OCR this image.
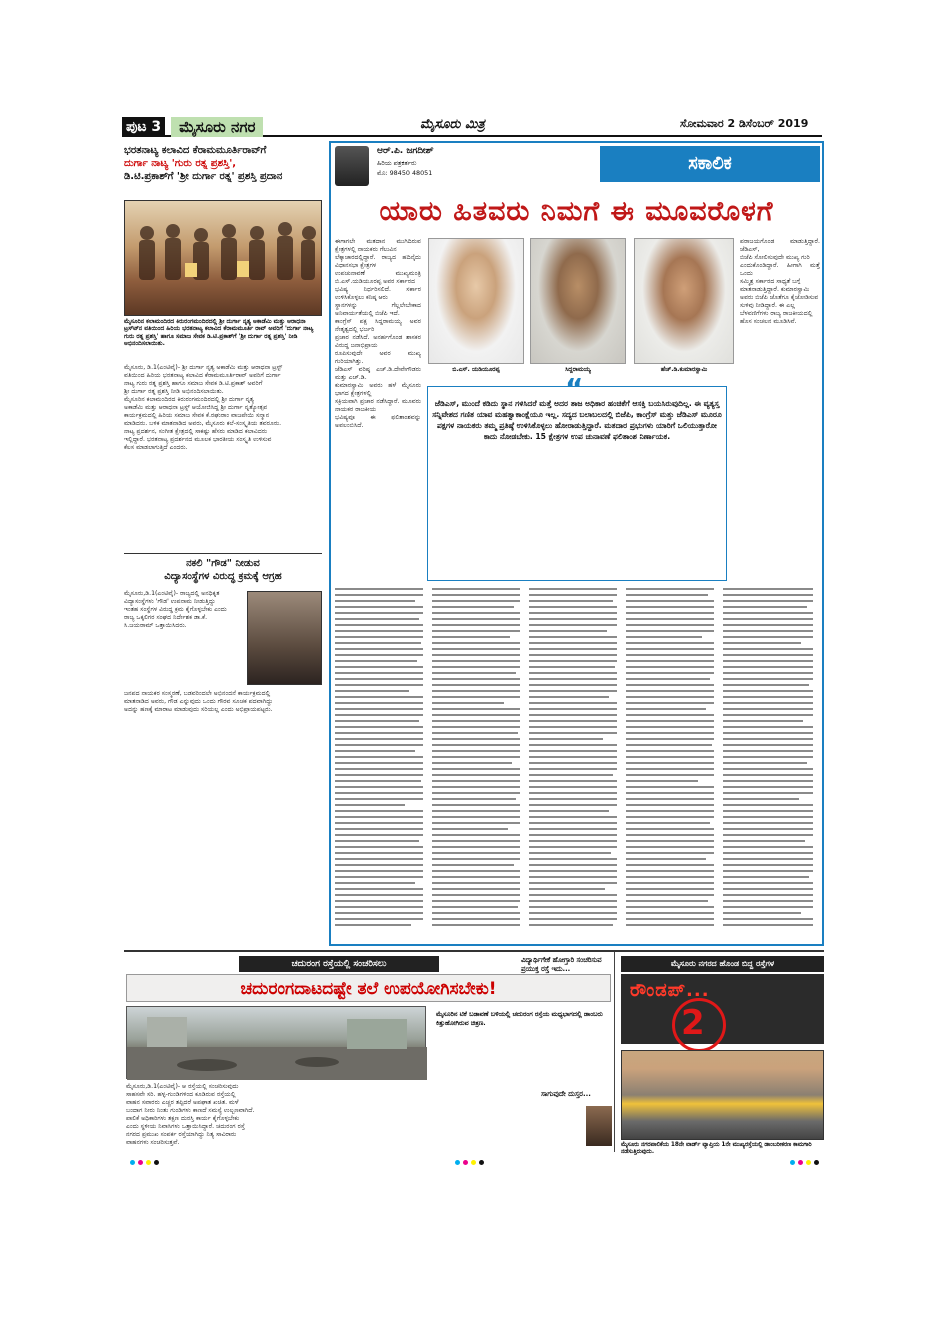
ಪುಟ 3	ಮೈಸೂರು ನಗರ	ಮೈಸೂರು ಮಿತ್ರ	ಸೋಮವಾರ 2 ಡಿಸೆಂಬರ್ 2019
ಭರತನಾಟ್ಯ ಕಲಾವಿದ ಕೆರಾಮಮೂರ್ತಿರಾವ್‍ಗೆ
ದುರ್ಗಾ ನಾಟ್ಯ 'ಗುರು ರತ್ನ ಪ್ರಶಸ್ತಿ',
ಡಿ.ಟಿ.ಪ್ರಕಾಶ್‍ಗೆ 'ಶ್ರೀ ದುರ್ಗಾ ರತ್ನ' ಪ್ರಶಸ್ತಿ ಪ್ರದಾನ
ಮೈಸೂರಿನ ಕಲಾಮಂದಿರದ ಕಿರುರಂಗಮಂದಿರದಲ್ಲಿ ಶ್ರೀ ದುರ್ಗಾ ನೃತ್ಯ ಅಕಾಡೆಮಿ ಮತ್ತು ಆರಾಧನಾ ಟ್ರಸ್ಟ್‍ನ ವತಿಯಿಂದ ಹಿರಿಯ ಭರತನಾಟ್ಯ ಕಲಾವಿದ ಕೆರಾಮಮೂರ್ತಿ ರಾವ್ ಅವರಿಗೆ 'ದುರ್ಗಾ ನಾಟ್ಯ ಗುರು ರತ್ನ ಪ್ರಶಸ್ತಿ' ಹಾಗೂ ಸಮಾಜ ಸೇವಕ ಡಿ.ಟಿ.ಪ್ರಕಾಶ್‍ಗೆ 'ಶ್ರೀ ದುರ್ಗಾ ರತ್ನ ಪ್ರಶಸ್ತಿ' ನೀಡಿ ಅಭಿನಂದಿಸಲಾಯಿತು.
ಮೈಸೂರು, ಡಿ.1(ಎಂಟಿವೈ)- ಶ್ರೀ ದುರ್ಗಾ ನೃತ್ಯ ಅಕಾಡೆಮಿ ಮತ್ತು ಆರಾಧನಾ ಟ್ರಸ್ಟ್
ವತಿಯಿಂದ ಹಿರಿಯ ಭರತನಾಟ್ಯ ಕಲಾವಿದ ಕೆರಾಮಮೂರ್ತಿರಾವ್ ಅವರಿಗೆ ದುರ್ಗಾ
ನಾಟ್ಯ ಗುರು ರತ್ನ ಪ್ರಶಸ್ತಿ ಹಾಗೂ ಸಮಾಜ ಸೇವಕ ಡಿ.ಟಿ.ಪ್ರಕಾಶ್ ಅವರಿಗೆ
ಶ್ರೀ ದುರ್ಗಾ ರತ್ನ ಪ್ರಶಸ್ತಿ ನೀಡಿ ಅಭಿನಂದಿಸಲಾಯಿತು.
ಮೈಸೂರಿನ ಕಲಾಮಂದಿರದ ಕಿರುರಂಗಮಂದಿರದಲ್ಲಿ ಶ್ರೀ ದುರ್ಗಾ ನೃತ್ಯ
ಅಕಾಡೆಮಿ ಮತ್ತು ಆರಾಧನಾ ಟ್ರಸ್ಟ್ ಆಯೋಜಿಸಿದ್ದ ಶ್ರೀ ದುರ್ಗಾ ನೃತ್ಯೋತ್ಸವ
ಕಾರ್ಯಕ್ರಮದಲ್ಲಿ ಹಿರಿಯ ಸಮಾಜ ಸೇವಕ ಕೆ.ರಘುರಾಂ ವಾಜಪೇಯಿ ಸನ್ಮಾನ
ಮಾಡಿದರು. ಬಳಿಕ ಮಾತನಾಡಿದ ಅವರು, ಮೈಸೂರು ಕಲೆ-ಸಂಸ್ಕೃತಿಯ ತವರೂರು.
ನಾಟ್ಯ ಪ್ರದರ್ಶನ, ಸಂಗೀತ ಕ್ಷೇತ್ರದಲ್ಲಿ ಸಾಕಷ್ಟು ಹೆಸರು ಮಾಡಿದ ಕಲಾವಿದರು
ಇಲ್ಲಿದ್ದಾರೆ. ಭರತನಾಟ್ಯ ಪ್ರದರ್ಶನದ ಮೂಲಕ ಭಾರತೀಯ ಸಂಸ್ಕೃತಿ ಉಳಿಸುವ
ಕೆಲಸ ಮಾಡಲಾಗುತ್ತಿದೆ ಎಂದರು.
ನಕಲಿ "ಗೌಡ" ನೀಡುವ
ವಿದ್ಯಾಸಂಸ್ಥೆಗಳ ವಿರುದ್ಧ ಕ್ರಮಕ್ಕೆ ಆಗ್ರಹ
ಮೈಸೂರು,ಡಿ.1(ಎಂಟಿವೈ)- ರಾಜ್ಯದಲ್ಲಿ ಅನಧಿಕೃತ
ವಿದ್ಯಾಸಂಸ್ಥೆಗಳು 'ಗೌಡ' ಉಪನಾಮ ನೀಡುತ್ತಿದ್ದು
ಇಂತಹ ಸಂಸ್ಥೆಗಳ ವಿರುದ್ಧ ಕ್ರಮ ಕೈಗೊಳ್ಳಬೇಕು ಎಂದು
ರಾಜ್ಯ ಒಕ್ಕಲಿಗರ ಸಂಘದ ನಿರ್ದೇಶಕ ಡಾ.ಕೆ.
ಸಿ.ಜಯರಾಮ್ ಒತ್ತಾಯಿಸಿದರು.
ಜನಪದ ನಾಯಕರ ಸಂಸ್ಮರಣೆ, ಬಡವರಿಂದಲೇ ಅಭಿನಂದನೆ ಕಾರ್ಯಕ್ರಮದಲ್ಲಿ
ಮಾತನಾಡಿದ ಅವರು, ಗೌಡ ಎನ್ನುವುದು ಒಂದು ಗೌರವ ಸೂಚಕ ಪದವಾಗಿದ್ದು
ಅದನ್ನು ಹಣಕ್ಕೆ ಮಾರಾಟ ಮಾಡುವುದು ಸರಿಯಲ್ಲ ಎಂದು ಅಭಿಪ್ರಾಯಪಟ್ಟರು.
ಆರ್.ಪಿ. ಜಗದೀಶ್
ಹಿರಿಯ ಪತ್ರಕರ್ತರು
ಮೊ: 98450 48051	ಸಕಾಲಿಕ
ಯಾರು ಹಿತವರು ನಿಮಗೆ ಈ ಮೂವರೊಳಗೆ
ಬಿ.ಎಸ್. ಯಡಿಯೂರಪ್ಪ	ಸಿದ್ದರಾಮಯ್ಯ	ಹೆಚ್.ಡಿ.ಕುಮಾರಸ್ವಾಮಿ
ಈಗಾಗಲೇ ಮತದಾನ ಮುಗಿದಿರುವ ಕ್ಷೇತ್ರಗಳಲ್ಲಿ ನಾಯಕರು ಗೆಲುವಿನ
ಲೆಕ್ಕಾಚಾರದಲ್ಲಿದ್ದಾರೆ. ರಾಜ್ಯದ ಹದಿನೈದು ವಿಧಾನಸಭಾ ಕ್ಷೇತ್ರಗಳ
ಉಪಚುನಾವಣೆ ಮುಖ್ಯಮಂತ್ರಿ ಬಿ.ಎಸ್.ಯಡಿಯೂರಪ್ಪ ಅವರ ಸರ್ಕಾರದ
ಭವಿಷ್ಯ ನಿರ್ಧರಿಸಲಿದೆ. ಸರ್ಕಾರ ಉಳಿಸಿಕೊಳ್ಳಲು ಕನಿಷ್ಠ ಆರು
ಸ್ಥಾನಗಳನ್ನು ಗೆಲ್ಲಲೇಬೇಕಾದ ಅನಿವಾರ್ಯತೆಯಲ್ಲಿ ಬಿಜೆಪಿ ಇದೆ.
ಕಾಂಗ್ರೆಸ್ ಪಕ್ಷ ಸಿದ್ದರಾಮಯ್ಯ ಅವರ ನೇತೃತ್ವದಲ್ಲಿ ಭರ್ಜರಿ
ಪ್ರಚಾರ ನಡೆಸಿದೆ. ಅನರ್ಹಗೊಂಡ ಶಾಸಕರ ವಿರುದ್ಧ ಜನಾಭಿಪ್ರಾಯ
ರೂಪಿಸುವುದೇ ಅವರ ಮುಖ್ಯ ಗುರಿಯಾಗಿತ್ತು.
ಜೆಡಿಎಸ್ ವರಿಷ್ಠ ಎಚ್.ಡಿ.ದೇವೇಗೌಡರು ಮತ್ತು ಎಚ್.ಡಿ.
ಕುಮಾರಸ್ವಾಮಿ ಅವರು ಹಳೆ ಮೈಸೂರು ಭಾಗದ ಕ್ಷೇತ್ರಗಳಲ್ಲಿ
ಸಕ್ರಿಯವಾಗಿ ಪ್ರಚಾರ ನಡೆಸಿದ್ದಾರೆ. ಮೂವರು ನಾಯಕರ ರಾಜಕೀಯ
ಭವಿಷ್ಯವೂ ಈ ಫಲಿತಾಂಶವನ್ನು ಅವಲಂಬಿಸಿದೆ.
ಪರಾಜಯಗೊಂಡ ಮಾಡುತ್ತಿದ್ದಾರೆ. ಜೆಡಿಎಸ್,
ಬಿಜೆಪಿ ಸೋಲಿಸುವುದೇ ಮುಖ್ಯ ಗುರಿ
ಎಂದುಕೊಂಡಿದ್ದಾರೆ. ಹೀಗಾಗಿ ಮತ್ತೆ ಒಂದು
ಸಮ್ಮಿಶ್ರ ಸರ್ಕಾರದ ಸಾಧ್ಯತೆ ಬಗ್ಗೆ
ಮಾತನಾಡುತ್ತಿದ್ದಾರೆ. ಕುಮಾರಸ್ವಾಮಿ
ಅವರು ಬಿಜೆಪಿ ಜೊತೆಗೂ ಕೈಜೋಡಿಸುವ
ಸುಳಿವು ನೀಡಿದ್ದಾರೆ. ಈ ಎಲ್ಲ
ಬೆಳವಣಿಗೆಗಳು ರಾಜ್ಯ ರಾಜಕೀಯದಲ್ಲಿ
ಹೊಸ ಸಂಚಲನ ಮೂಡಿಸಿವೆ.
“
ಜೆಡಿಎಸ್, ಮುಂದೆ ಕಡಿದು ಸ್ಥಾನ ಗಳಿಸಿದರೆ ಮತ್ತೆ ಅದರ ತಾಜ ಅಧಿಕಾರ ಹಂಚಿಕೆಗೆ ಆಸಕ್ತಿ ಬಯಸಿರುವುದಿಲ್ಲ. ಈ ವ್ಯತ್ಯಸ್ತ ಸನ್ನಿವೇಶದ ಗಣಿತ ಯಾವ ಮಹತ್ವಾಕಾಂಕ್ಷೆಯೂ ಇಲ್ಲ. ಸದ್ಯದ ಬಲಾಬಲದಲ್ಲಿ ಬಿಜೆಪಿ, ಕಾಂಗ್ರೆಸ್ ಮತ್ತು ಜೆಡಿಎಸ್ ಮೂರೂ ಪಕ್ಷಗಳ ನಾಯಕರು ತಮ್ಮ ಪ್ರತಿಷ್ಠೆ ಉಳಿಸಿಕೊಳ್ಳಲು ಹೋರಾಡುತ್ತಿದ್ದಾರೆ. ಮತದಾರ ಪ್ರಭುಗಳು ಯಾರಿಗೆ ಒಲಿಯುತ್ತಾರೋ ಕಾದು ನೋಡಬೇಕು. 15 ಕ್ಷೇತ್ರಗಳ ಉಪ ಚುನಾವಣೆ ಫಲಿತಾಂಶ ನಿರ್ಣಾಯಕ.
ಚದುರಂಗ ರಸ್ತೆಯಲ್ಲಿ ಸಂಚರಿಸಲು
ಚದುರಂಗದಾಟದಷ್ಟೇ ತಲೆ ಉಪಯೋಗಿಸಬೇಕು!
ಮೈಸೂರಿನ ಟಿಕೆ ಬಡಾವಣೆ ಬಳಿಯಲ್ಲಿ ಚದುರಂಗ ರಸ್ತೆಯ ಮಧ್ಯಭಾಗದಲ್ಲಿ ಡಾಂಬರು ಕಿತ್ತುಹೋಗಿರುವ ಚಿತ್ರಣ.
ಮೈಸೂರು,ಡಿ.1(ಎಂಟಿವೈ)- ಆ ರಸ್ತೆಯಲ್ಲಿ ಸಂಚರಿಸುವುದು
ಸಾಹಸವೇ ಸರಿ. ಹಳ್ಳ-ಗುಂಡಿಗಳಿಂದ ಕೂಡಿರುವ ರಸ್ತೆಯಲ್ಲಿ
ವಾಹನ ಸವಾರರು ಎಚ್ಚರ ತಪ್ಪಿದರೆ ಅಪಘಾತ ಖಚಿತ. ಮಳೆ
ಬಂದಾಗ ನೀರು ನಿಂತು ಗುಂಡಿಗಳು ಕಾಣದೆ ಸಮಸ್ಯೆ ಉಲ್ಬಣವಾಗಿದೆ.
ಪಾಲಿಕೆ ಅಧಿಕಾರಿಗಳು ತಕ್ಷಣ ದುರಸ್ತಿ ಕಾರ್ಯ ಕೈಗೊಳ್ಳಬೇಕು
ಎಂದು ಸ್ಥಳೀಯ ನಿವಾಸಿಗಳು ಒತ್ತಾಯಿಸಿದ್ದಾರೆ. ಚದುರಂಗ ರಸ್ತೆ
ನಗರದ ಪ್ರಮುಖ ಸಂಪರ್ಕ ರಸ್ತೆಯಾಗಿದ್ದು ನಿತ್ಯ ಸಾವಿರಾರು
ವಾಹನಗಳು ಸಂಚರಿಸುತ್ತವೆ.
ವಿದ್ಯಾರ್ಥಿಗೇಕೆ ಹೋಗ್ತಾರಿ ಸಂಚರಿಸುವ ಪ್ರಯುಕ್ತ ರಸ್ತೆ ಇದು...
ಸಾಗುವುದೇ ದುಸ್ತರ...
ಮೈಸೂರು ನಗರದ ಹೊಂಡ ಬಿದ್ದ ರಸ್ತೆಗಳ
ರೌಂಡಪ್...
2
ಮೈಸೂರು ನಗರಪಾಲಿಕೆಯ 18ನೇ ವಾರ್ಡ್ ವ್ಯಾಪ್ತಿಯ 1ನೇ ಮುಖ್ಯರಸ್ತೆಯಲ್ಲಿ ಡಾಂಬರೀಕರಣ ಕಾಮಗಾರಿ ನಡೆಸುತ್ತಿರುವುದು.
